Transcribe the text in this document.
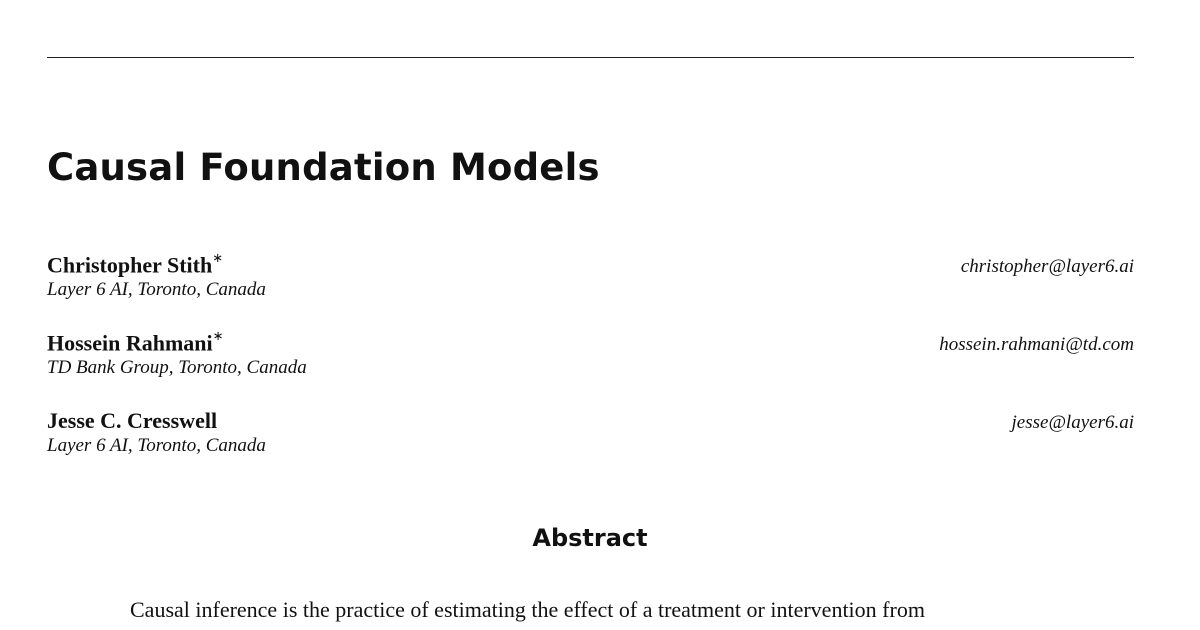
Causal Foundation Models
Christopher Stith∗	christopher@layer6.ai
Layer 6 AI, Toronto, Canada
Hossein Rahmani∗	hossein.rahmani@td.com
TD Bank Group, Toronto, Canada
Jesse C. Cresswell	jesse@layer6.ai
Layer 6 AI, Toronto, Canada
Abstract
Causal inference is the practice of estimating the effect of a treatment or intervention from
